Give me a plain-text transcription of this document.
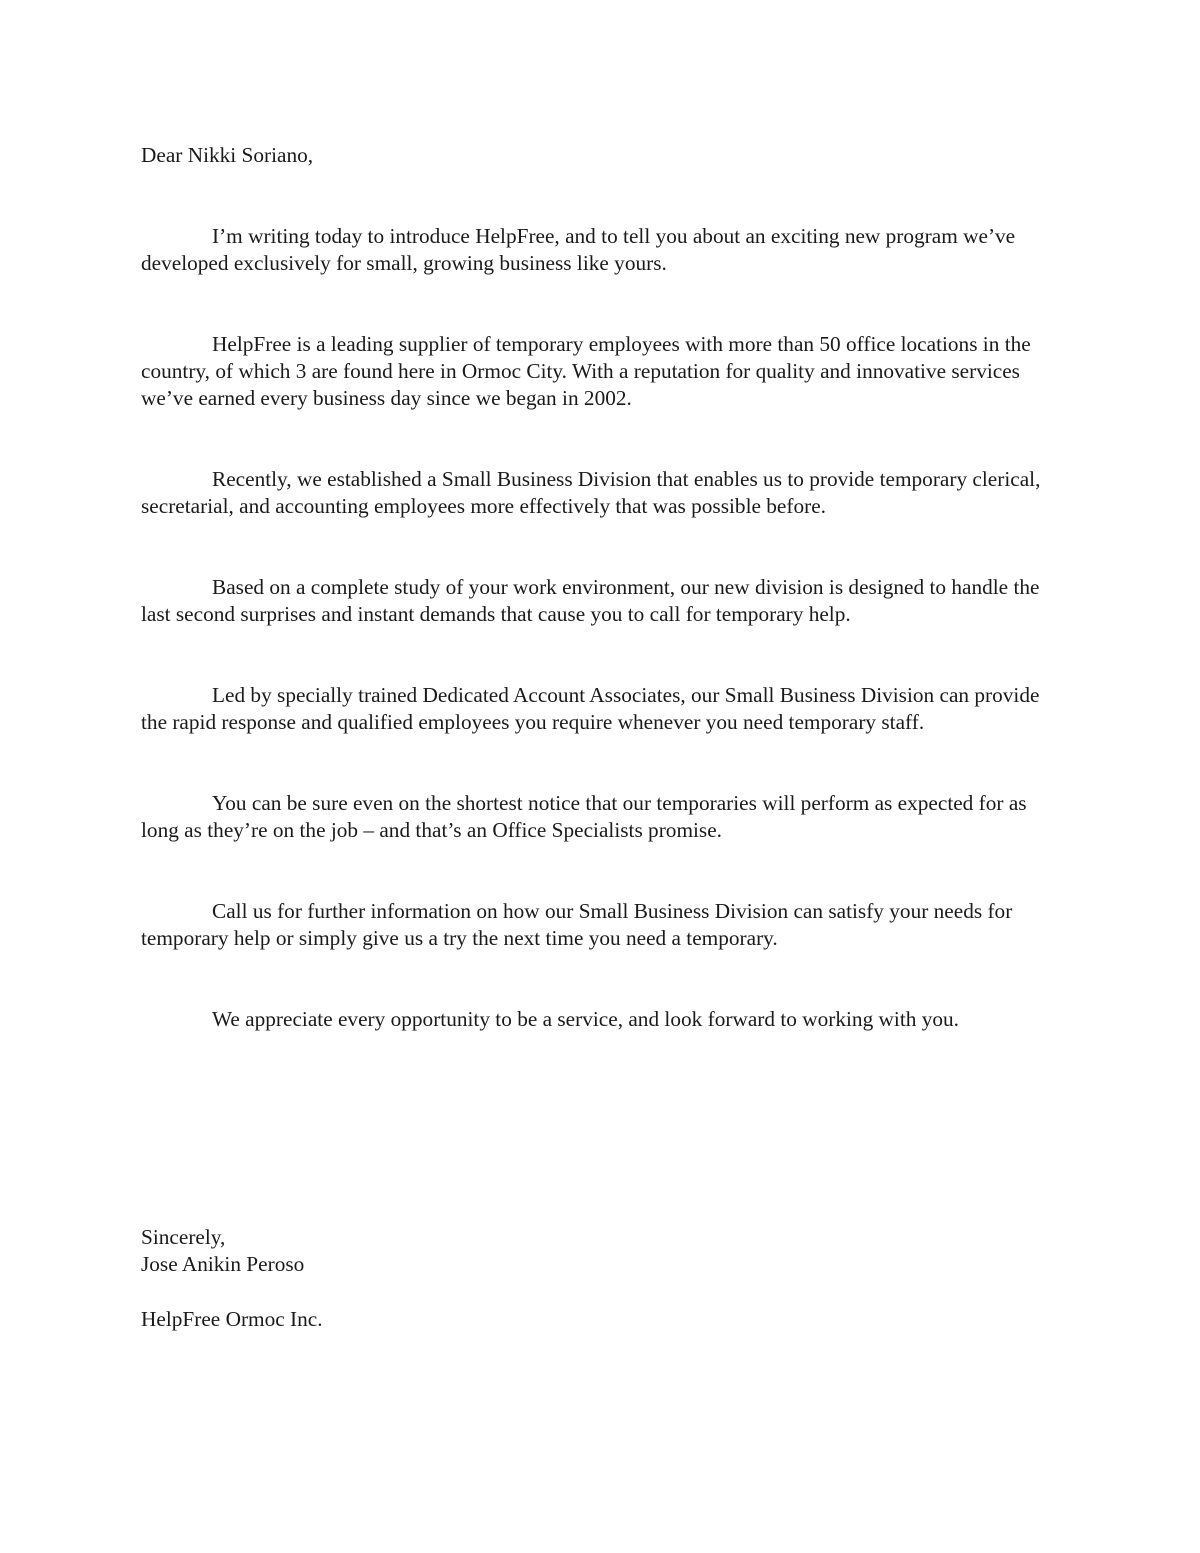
Dear Nikki Soriano,

I’m writing today to introduce HelpFree, and to tell you about an exciting new program we’ve developed exclusively for small, growing business like yours.

HelpFree is a leading supplier of temporary employees with more than 50 office locations in the country, of which 3 are found here in Ormoc City. With a reputation for quality and innovative services we’ve earned every business day since we began in 2002.

Recently, we established a Small Business Division that enables us to provide temporary clerical, secretarial, and accounting employees more effectively that was possible before.

Based on a complete study of your work environment, our new division is designed to handle the last second surprises and instant demands that cause you to call for temporary help.

Led by specially trained Dedicated Account Associates, our Small Business Division can provide the rapid response and qualified employees you require whenever you need temporary staff.

You can be sure even on the shortest notice that our temporaries will perform as expected for as long as they’re on the job – and that’s an Office Specialists promise.

Call us for further information on how our Small Business Division can satisfy your needs for temporary help or simply give us a try the next time you need a temporary.

We appreciate every opportunity to be a service, and look forward to working with you.

Sincerely,
Jose Anikin Peroso
HelpFree Ormoc Inc.
